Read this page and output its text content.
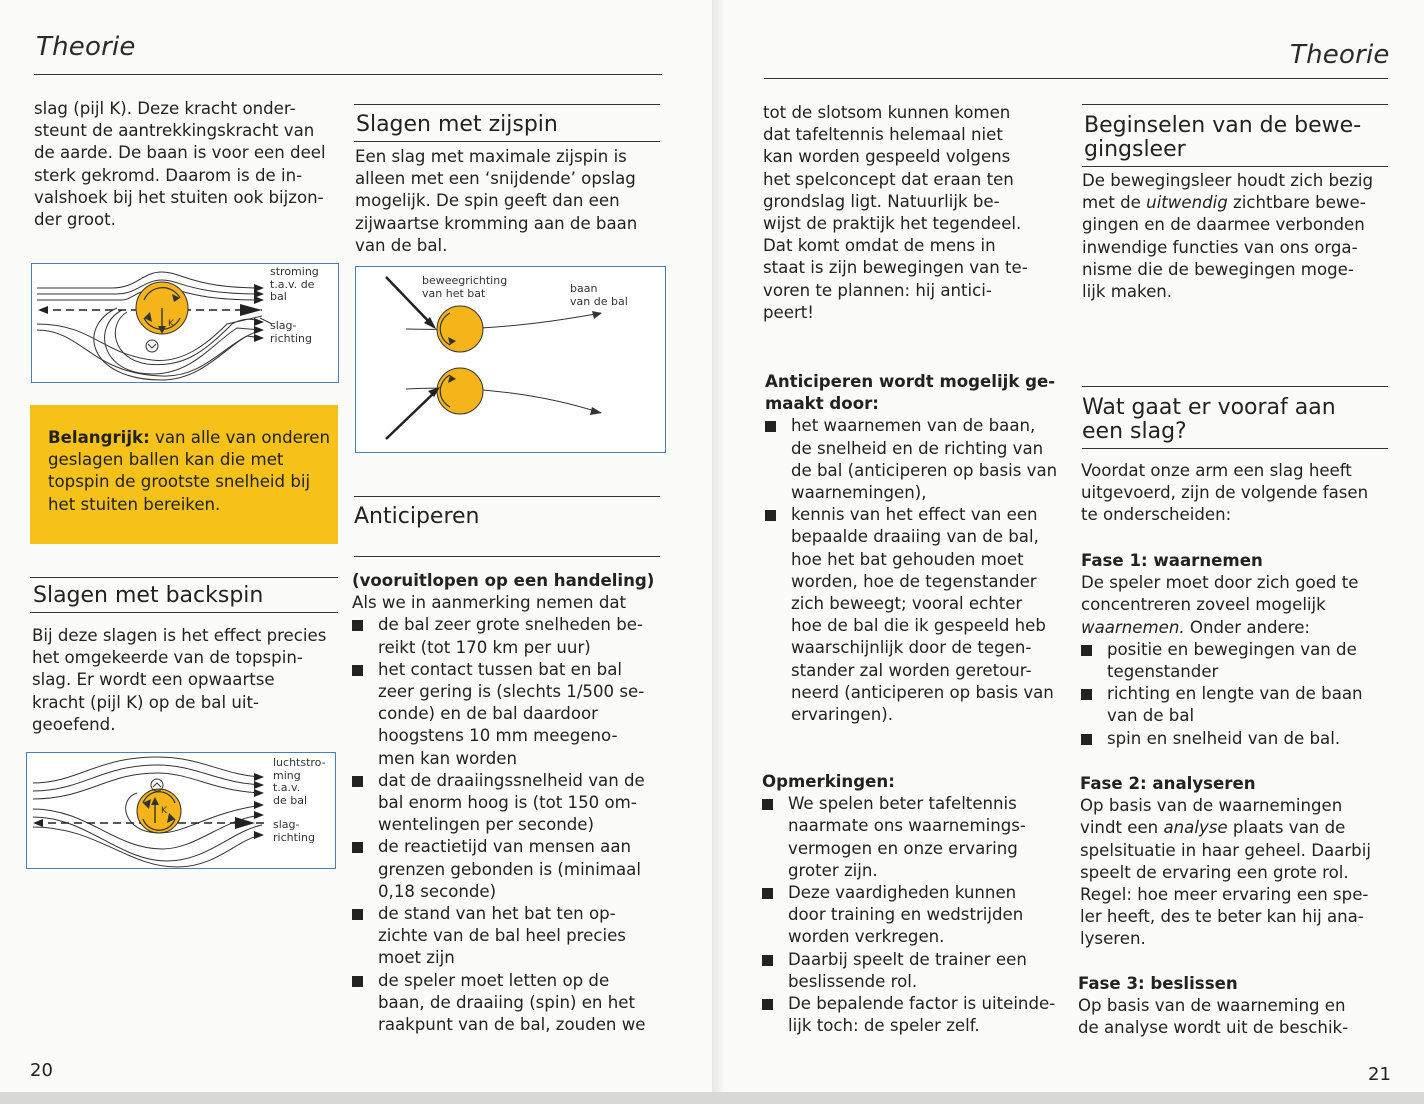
Theorie
slag (pijl K). Deze kracht onder-
steunt de aantrekkingskracht van
de aarde. De baan is voor een deel
sterk gekromd. Daarom is de in-
valshoek bij het stuiten ook bijzon-
der groot.
K
stroming
t.a.v. de
bal
slag-
richting
Belangrijk: van alle van onderen
geslagen ballen kan die met
topspin de grootste snelheid bij
het stuiten bereiken.
Slagen met backspin
Bij deze slagen is het effect precies
het omgekeerde van de topspin-
slag. Er wordt een opwaartse
kracht (pijl K) op de bal uit-
geoefend.
K
luchtstro-
ming
t.a.v.
de bal
slag-
richting
20
Slagen met zijspin
Een slag met maximale zijspin is
alleen met een ‘snijdende’ opslag
mogelijk. De spin geeft dan een
zijwaartse kromming aan de baan
van de bal.
beweegrichting
van het bat	baan
van de bal
Anticiperen
(vooruitlopen op een handeling)
Als we in aanmerking nemen dat
de bal zeer grote snelheden be-
reikt (tot 170 km per uur)
het contact tussen bat en bal
zeer gering is (slechts 1/500 se-
conde) en de bal daardoor
hoogstens 10 mm meegeno-
men kan worden
dat de draaiingssnelheid van de
bal enorm hoog is (tot 150 om-
wentelingen per seconde)
de reactietijd van mensen aan
grenzen gebonden is (minimaal
0,18 seconde)
de stand van het bat ten op-
zichte van de bal heel precies
moet zijn
de speler moet letten op de
baan, de draaiing (spin) en het
raakpunt van de bal, zouden we
Theorie
tot de slotsom kunnen komen
dat tafeltennis helemaal niet
kan worden gespeeld volgens
het spelconcept dat eraan ten
grondslag ligt. Natuurlijk be-
wijst de praktijk het tegendeel.
Dat komt omdat de mens in
staat is zijn bewegingen van te-
voren te plannen: hij antici-
peert!
Anticiperen wordt mogelijk ge-
maakt door:
het waarnemen van de baan,
de snelheid en de richting van
de bal (anticiperen op basis van
waarnemingen),
kennis van het effect van een
bepaalde draaiing van de bal,
hoe het bat gehouden moet
worden, hoe de tegenstander
zich beweegt; vooral echter
hoe de bal die ik gespeeld heb
waarschijnlijk door de tegen-
stander zal worden geretour-
neerd (anticiperen op basis van
ervaringen).
Opmerkingen:
We spelen beter tafeltennis
naarmate ons waarnemings-
vermogen en onze ervaring
groter zijn.
Deze vaardigheden kunnen
door training en wedstrijden
worden verkregen.
Daarbij speelt de trainer een
beslissende rol.
De bepalende factor is uiteinde-
lijk toch: de speler zelf.
Beginselen van de bewe-
gingsleer
De bewegingsleer houdt zich bezig
met de uitwendig zichtbare bewe-
gingen en de daarmee verbonden
inwendige functies van ons orga-
nisme die de bewegingen moge-
lijk maken.
Wat gaat er vooraf aan
een slag?
Voordat onze arm een slag heeft
uitgevoerd, zijn de volgende fasen
te onderscheiden:
Fase 1: waarnemen
De speler moet door zich goed te
concentreren zoveel mogelijk
waarnemen. Onder andere:
positie en bewegingen van de
tegenstander
richting en lengte van de baan
van de bal
spin en snelheid van de bal.
Fase 2: analyseren
Op basis van de waarnemingen
vindt een analyse plaats van de
spelsituatie in haar geheel. Daarbij
speelt de ervaring een grote rol.
Regel: hoe meer ervaring een spe-
ler heeft, des te beter kan hij ana-
lyseren.
Fase 3: beslissen
Op basis van de waarneming en
de analyse wordt uit de beschik-
21
